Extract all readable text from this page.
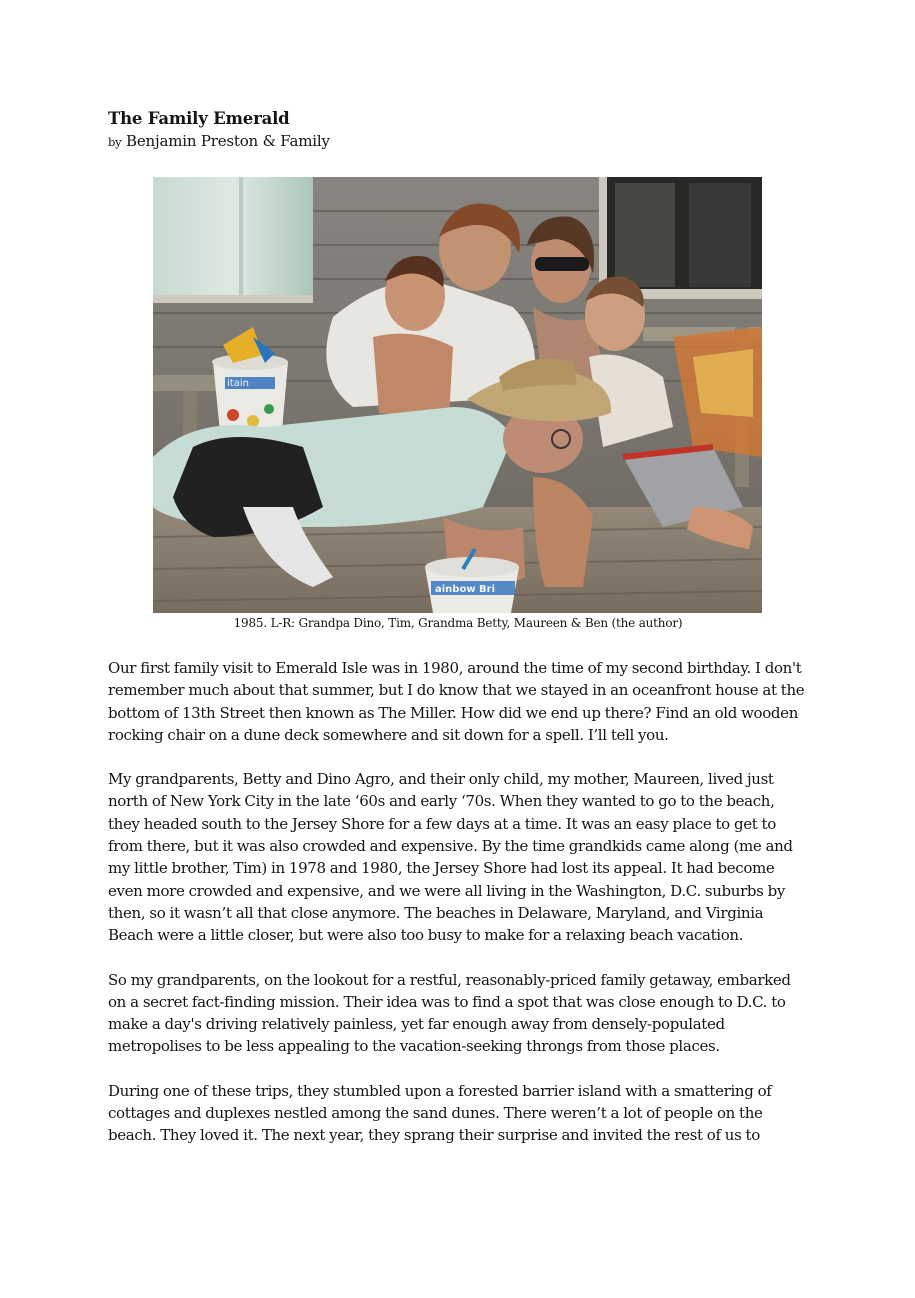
The Family Emerald

by Benjamin Preston & Family

itain
ainbow Bri
1985. L-R: Grandpa Dino, Tim, Grandma Betty, Maureen & Ben (the author)

Our first family visit to Emerald Isle was in 1980, around the time of my second birthday. I don't remember much about that summer, but I do know that we stayed in an oceanfront house at the bottom of 13th Street then known as The Miller. How did we end up there? Find an old wooden rocking chair on a dune deck somewhere and sit down for a spell. I’ll tell you.

My grandparents, Betty and Dino Agro, and their only child, my mother, Maureen, lived just north of New York City in the late ‘60s and early ‘70s. When they wanted to go to the beach, they headed south to the Jersey Shore for a few days at a time. It was an easy place to get to from there, but it was also crowded and expensive. By the time grandkids came along (me and my little brother, Tim) in 1978 and 1980, the Jersey Shore had lost its appeal. It had become even more crowded and expensive, and we were all living in the Washington, D.C. suburbs by then, so it wasn’t all that close anymore. The beaches in Delaware, Maryland, and Virginia Beach were a little closer, but were also too busy to make for a relaxing beach vacation.

So my grandparents, on the lookout for a restful, reasonably-priced family getaway, embarked on a secret fact-finding mission. Their idea was to find a spot that was close enough to D.C. to make a day's driving relatively painless, yet far enough away from densely-populated metropolises to be less appealing to the vacation-seeking throngs from those places.

During one of these trips, they stumbled upon a forested barrier island with a smattering of cottages and duplexes nestled among the sand dunes. There weren’t a lot of people on the beach. They loved it. The next year, they sprang their surprise and invited the rest of us to
